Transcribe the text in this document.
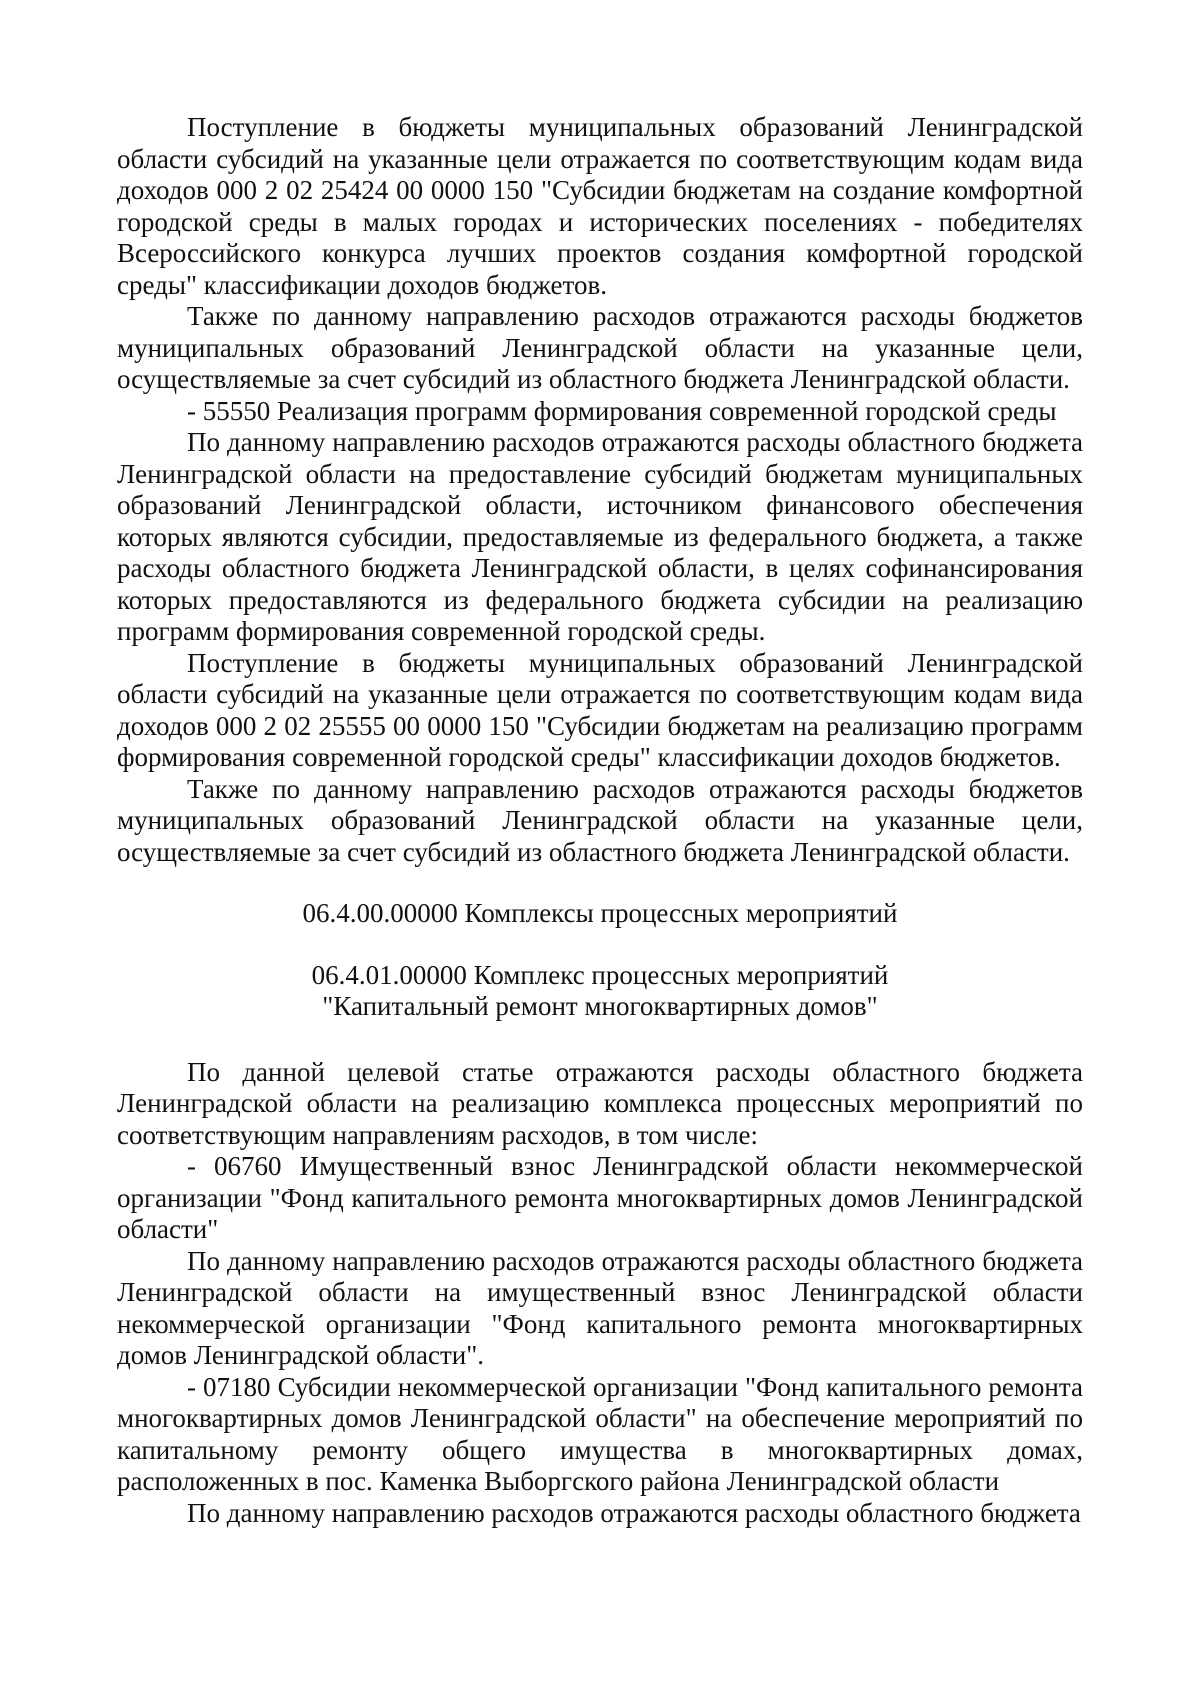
Поступление в бюджеты муниципальных образований Ленинградской области субсидий на указанные цели отражается по соответствующим кодам вида доходов 000 2 02 25424 00 0000 150 "Субсидии бюджетам на создание комфортной городской среды в малых городах и исторических поселениях - победителях Всероссийского конкурса лучших проектов создания комфортной городской среды" классификации доходов бюджетов.

Также по данному направлению расходов отражаются расходы бюджетов муниципальных образований Ленинградской области на указанные цели, осуществляемые за счет субсидий из областного бюджета Ленинградской области.

- 55550 Реализация программ формирования современной городской среды

По данному направлению расходов отражаются расходы областного бюджета Ленинградской области на предоставление субсидий бюджетам муниципальных образований Ленинградской области, источником финансового обеспечения которых являются субсидии, предоставляемые из федерального бюджета, а также расходы областного бюджета Ленинградской области, в целях софинансирования которых предоставляются из федерального бюджета субсидии на реализацию программ формирования современной городской среды.

Поступление в бюджеты муниципальных образований Ленинградской области субсидий на указанные цели отражается по соответствующим кодам вида доходов 000 2 02 25555 00 0000 150 "Субсидии бюджетам на реализацию программ формирования современной городской среды" классификации доходов бюджетов.

Также по данному направлению расходов отражаются расходы бюджетов муниципальных образований Ленинградской области на указанные цели, осуществляемые за счет субсидий из областного бюджета Ленинградской области.

06.4.00.00000 Комплексы процессных мероприятий

06.4.01.00000 Комплекс процессных мероприятий

"Капитальный ремонт многоквартирных домов"

По данной целевой статье отражаются расходы областного бюджета Ленинградской области на реализацию комплекса процессных мероприятий по соответствующим направлениям расходов, в том числе:

- 06760 Имущественный взнос Ленинградской области некоммерческой организации "Фонд капитального ремонта многоквартирных домов Ленинградской области"

По данному направлению расходов отражаются расходы областного бюджета Ленинградской области на имущественный взнос Ленинградской области некоммерческой организации "Фонд капитального ремонта многоквартирных домов Ленинградской области".

- 07180 Субсидии некоммерческой организации "Фонд капитального ремонта многоквартирных домов Ленинградской области" на обеспечение мероприятий по капитальному ремонту общего имущества в многоквартирных домах, расположенных в пос. Каменка Выборгского района Ленинградской области

По данному направлению расходов отражаются расходы областного бюджета
